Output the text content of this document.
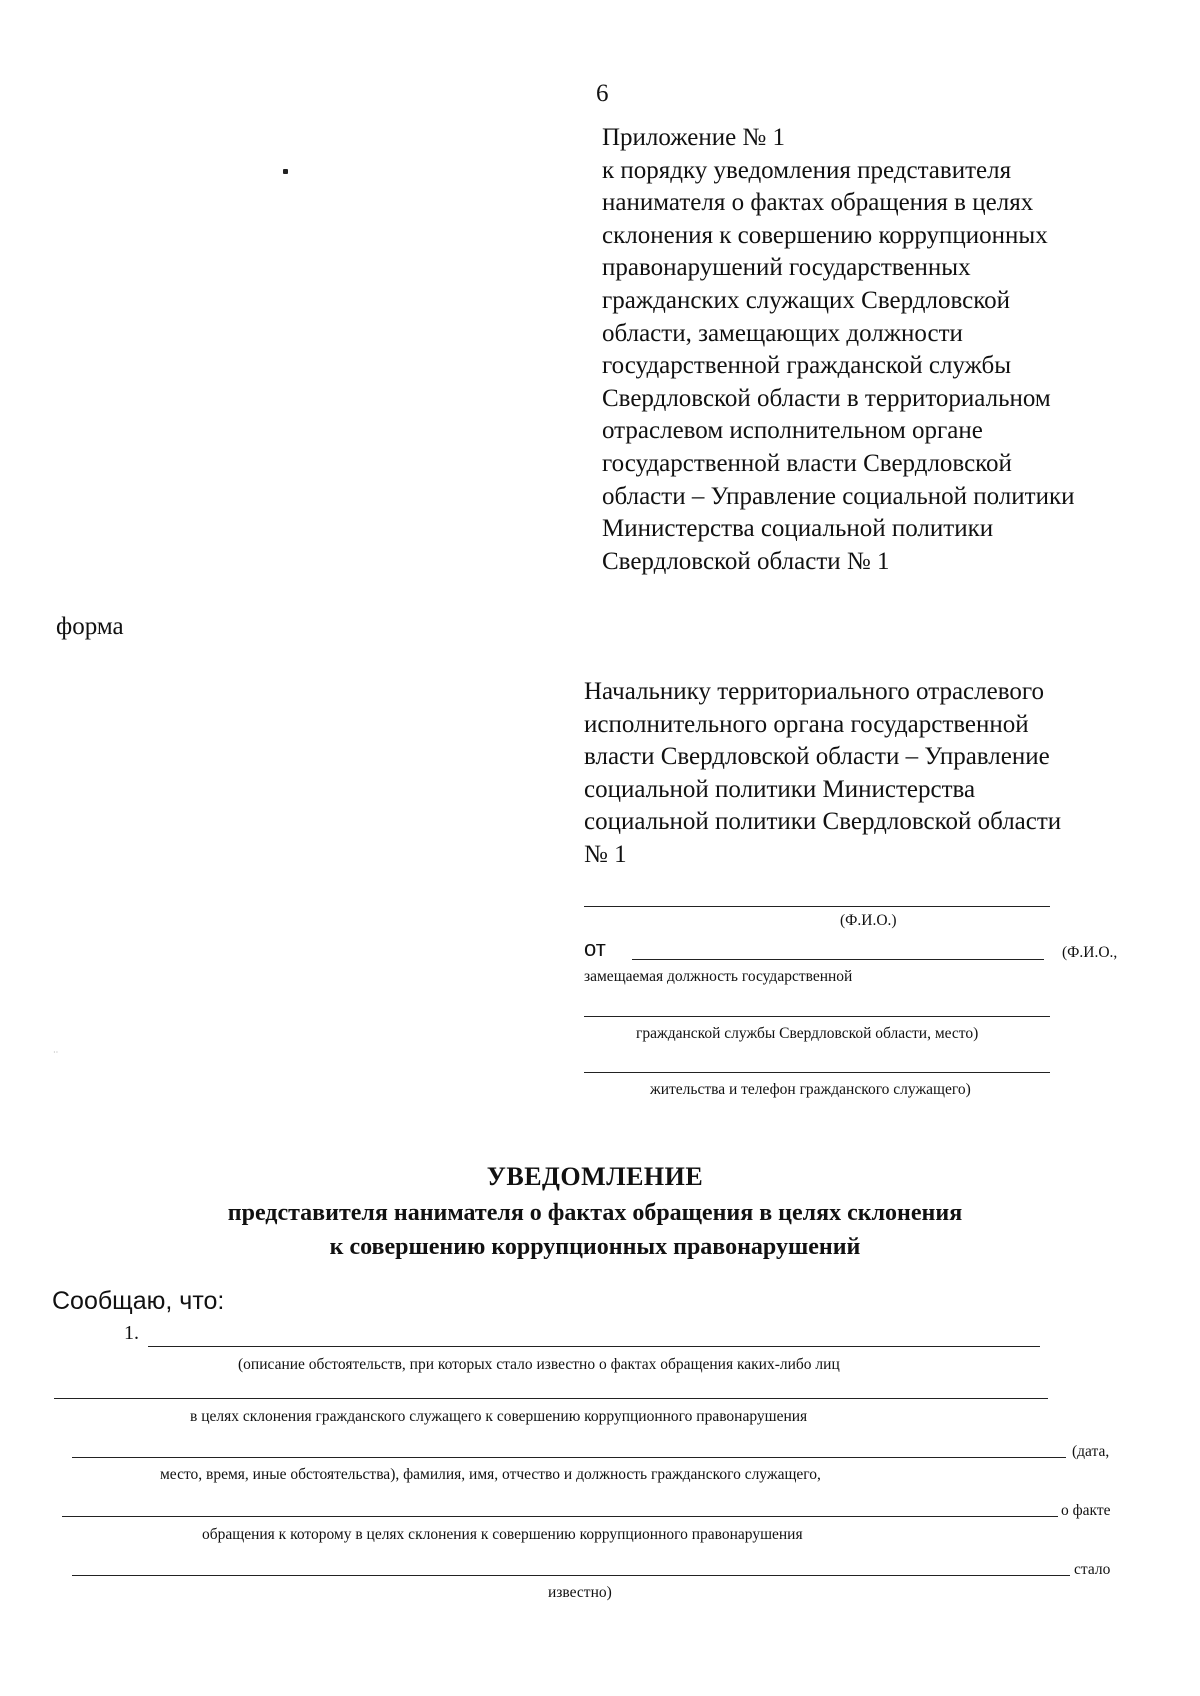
6
Приложение № 1
к порядку уведомления представителя
нанимателя о фактах обращения в целях
склонения к совершению коррупционных
правонарушений государственных
гражданских служащих Свердловской
области, замещающих должности
государственной гражданской службы
Свердловской области в территориальном
отраслевом исполнительном органе
государственной власти Свердловской
области – Управление социальной политики
Министерства социальной политики
Свердловской области № 1
форма
Начальнику территориального отраслевого
исполнительного органа государственной
власти Свердловской области – Управление
социальной политики Министерства
социальной политики Свердловской области
№ 1
(Ф.И.О.)
от	(Ф.И.О.,
замещаемая должность государственной
гражданской службы Свердловской области, место)
жительства и телефон гражданского служащего)
··
УВЕДОМЛЕНИЕ
представителя нанимателя о фактах обращения в целях склонения
к совершению коррупционных правонарушений
Сообщаю, что:
1.
(описание обстоятельств, при которых стало известно о фактах обращения каких-либо лиц
в целях склонения гражданского служащего к совершению коррупционного правонарушения
(дата,
место, время, иные обстоятельства), фамилия, имя, отчество и должность гражданского служащего,
о факте
обращения к которому в целях склонения к совершению коррупционного правонарушения
стало
известно)
